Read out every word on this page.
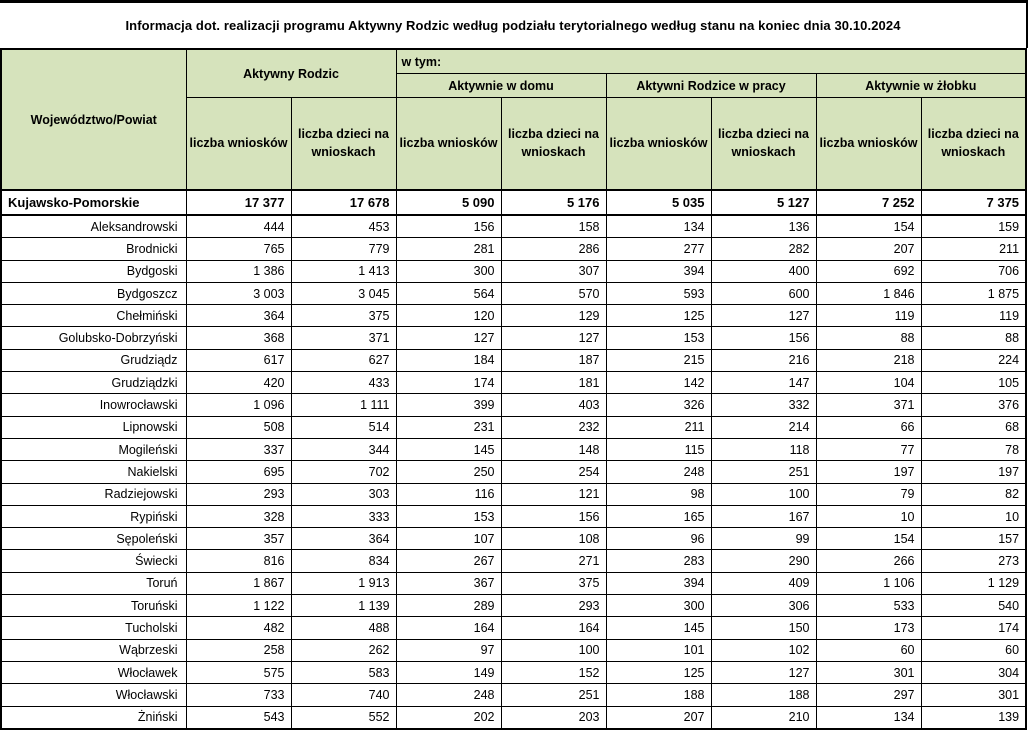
Informacja dot. realizacji programu Aktywny Rodzic według podziału terytorialnego według stanu na koniec dnia 30.10.2024
Województwo/Powiat	Aktywny Rodzic		w tym:					
			Aktywnie w domu		Aktywni Rodzice w pracy		Aktywnie w żłobku	
	liczba wniosków	liczba dzieci na wnioskach	liczba wniosków	liczba dzieci na wnioskach	liczba wniosków	liczba dzieci na wnioskach	liczba wniosków	liczba dzieci na wnioskach
Kujawsko-Pomorskie	17 377	17 678	5 090	5 176	5 035	5 127	7 252	7 375
Aleksandrowski	444	453	156	158	134	136	154	159
Brodnicki	765	779	281	286	277	282	207	211
Bydgoski	1 386	1 413	300	307	394	400	692	706
Bydgoszcz	3 003	3 045	564	570	593	600	1 846	1 875
Chełmiński	364	375	120	129	125	127	119	119
Golubsko-Dobrzyński	368	371	127	127	153	156	88	88
Grudziądz	617	627	184	187	215	216	218	224
Grudziądzki	420	433	174	181	142	147	104	105
Inowrocławski	1 096	1 111	399	403	326	332	371	376
Lipnowski	508	514	231	232	211	214	66	68
Mogileński	337	344	145	148	115	118	77	78
Nakielski	695	702	250	254	248	251	197	197
Radziejowski	293	303	116	121	98	100	79	82
Rypiński	328	333	153	156	165	167	10	10
Sępoleński	357	364	107	108	96	99	154	157
Świecki	816	834	267	271	283	290	266	273
Toruń	1 867	1 913	367	375	394	409	1 106	1 129
Toruński	1 122	1 139	289	293	300	306	533	540
Tucholski	482	488	164	164	145	150	173	174
Wąbrzeski	258	262	97	100	101	102	60	60
Włocławek	575	583	149	152	125	127	301	304
Włocławski	733	740	248	251	188	188	297	301
Żniński	543	552	202	203	207	210	134	139
